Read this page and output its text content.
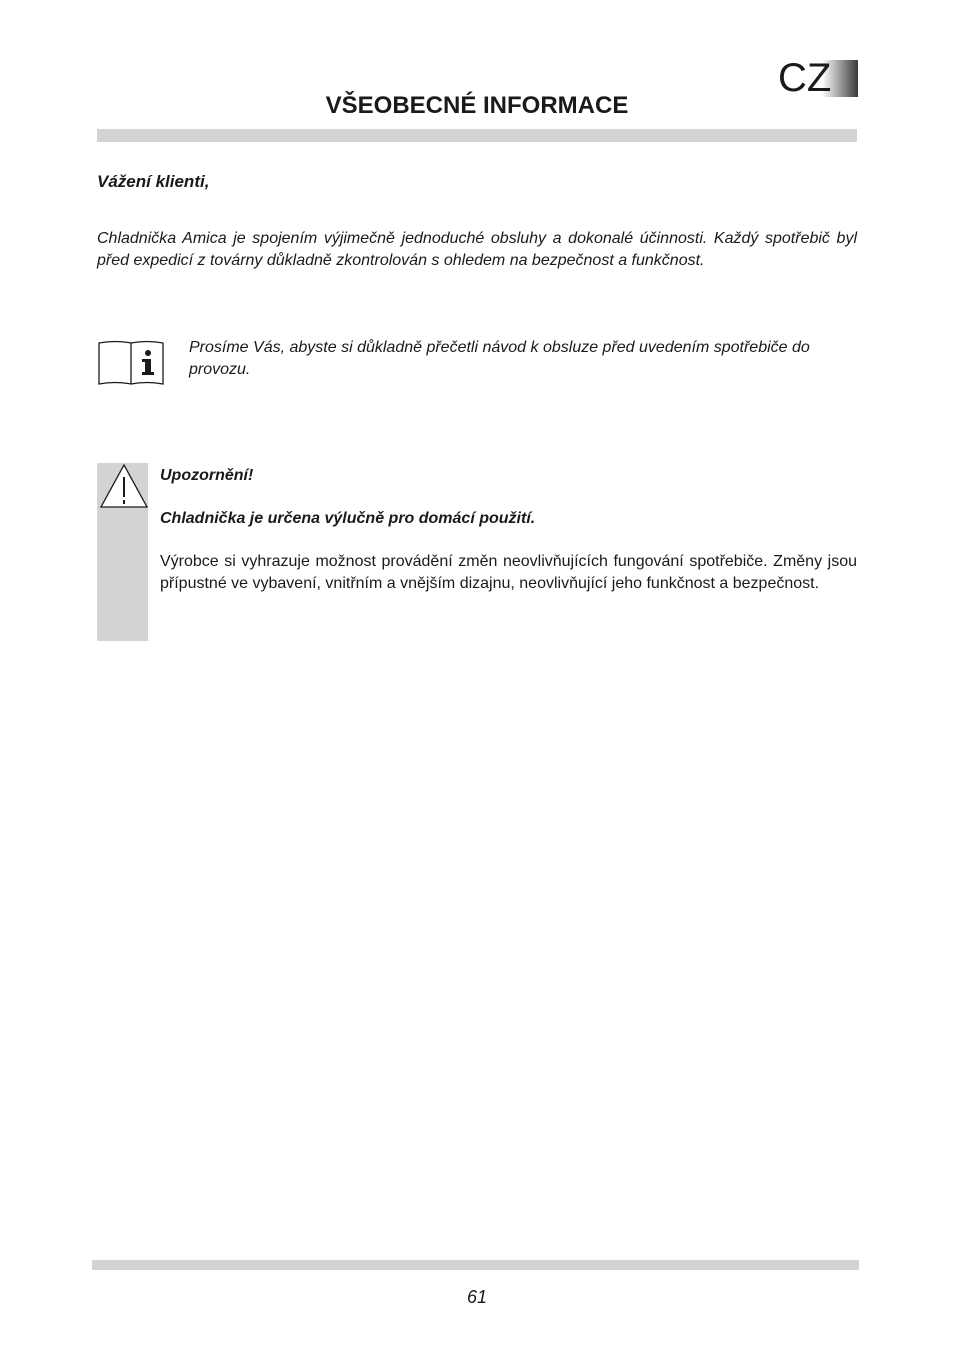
CZ
VŠEOBECNÉ INFORMACE

Vážení klienti,

Chladnička Amica je spojením výjimečně jednoduché obsluhy a dokonalé účinnosti. Každý spotřebič byl před expedicí z továrny důkladně zkontrolován s ohledem na bezpečnost a funkčnost.

Prosíme Vás, abyste si důkladně přečetli návod k obsluze před uvedením spotřebiče do provozu.

Upozornění!

Chladnička je určena výlučně pro domácí použití.

Výrobce si vyhrazuje možnost provádění změn neovlivňujících fungování spotřebiče. Změny jsou přípustné ve vybavení, vnitřním a vnějším dizajnu, neovlivňující jeho funkčnost a bezpečnost.

61
